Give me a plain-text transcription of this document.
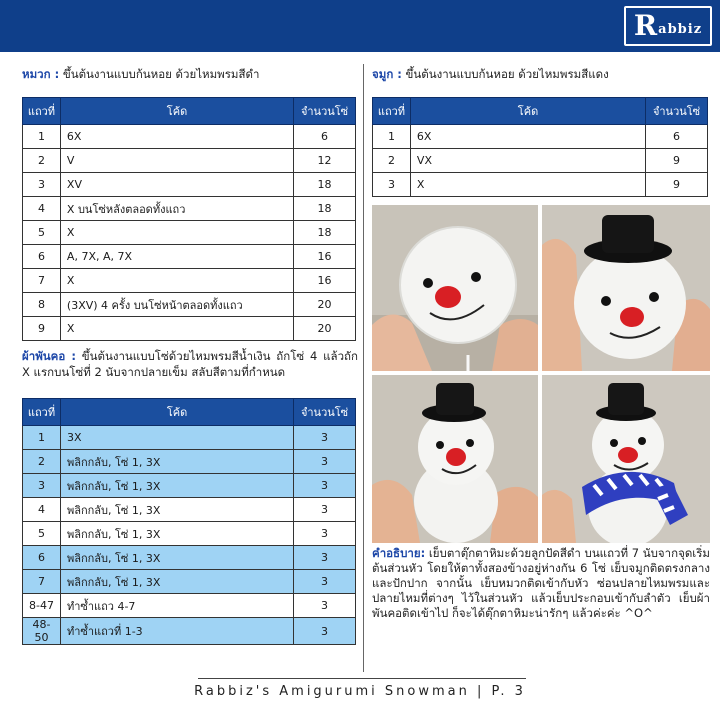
R abbiz
หมวก : ขึ้นต้นงานแบบก้นหอย ด้วยไหมพรมสีดำ
แถวที่	โค้ด	จำนวนโซ่
1	6X	6
2	V	12
3	XV	18
4	X บนโซ่หลังตลอดทั้งแถว	18
5	X	18
6	A, 7X, A, 7X	16
7	X	16
8	(3XV) 4 ครั้ง บนโซ่หน้าตลอดทั้งแถว	20
9	X	20
ผ้าพันคอ : ขึ้นต้นงานแบบโซ่ด้วยไหมพรมสีน้ำเงิน ถักโซ่ 4 แล้วถัก X แรกบนโซ่ที่ 2 นับจากปลายเข็ม สลับสีตามที่กำหนด
แถวที่	โค้ด	จำนวนโซ่
1	3X	3
2	พลิกกลับ, โซ่ 1, 3X	3
3	พลิกกลับ, โซ่ 1, 3X	3
4	พลิกกลับ, โซ่ 1, 3X	3
5	พลิกกลับ, โซ่ 1, 3X	3
6	พลิกกลับ, โซ่ 1, 3X	3
7	พลิกกลับ, โซ่ 1, 3X	3
8-47	ทำซ้ำแถว 4-7	3
48-50	ทำซ้ำแถวที่ 1-3	3
จมูก : ขึ้นต้นงานแบบก้นหอย ด้วยไหมพรมสีแดง
แถวที่	โค้ด	จำนวนโซ่
1	6X	6
2	VX	9
3	X	9
คำอธิบาย: เย็บตาตุ๊กตาหิมะด้วยลูกปัดสีดำ บนแถวที่ 7 นับจากจุดเริ่มต้นส่วนหัว โดยให้ตาทั้งสองข้างอยู่ห่างกัน 6 โซ่ เย็บจมูกติดตรงกลาง และปักปาก จากนั้น เย็บหมวกติดเข้ากับหัว ซ่อนปลายไหมพรมและปลายไหมที่ต่างๆ ไว้ในส่วนหัว แล้วเย็บประกอบเข้ากับลำตัว เย็บผ้าพันคอติดเข้าไป ก็จะได้ตุ๊กตาหิมะน่ารักๆ แล้วค่ะค่ะ ^O^
Rabbiz's Amigurumi Snowman | P. 3
